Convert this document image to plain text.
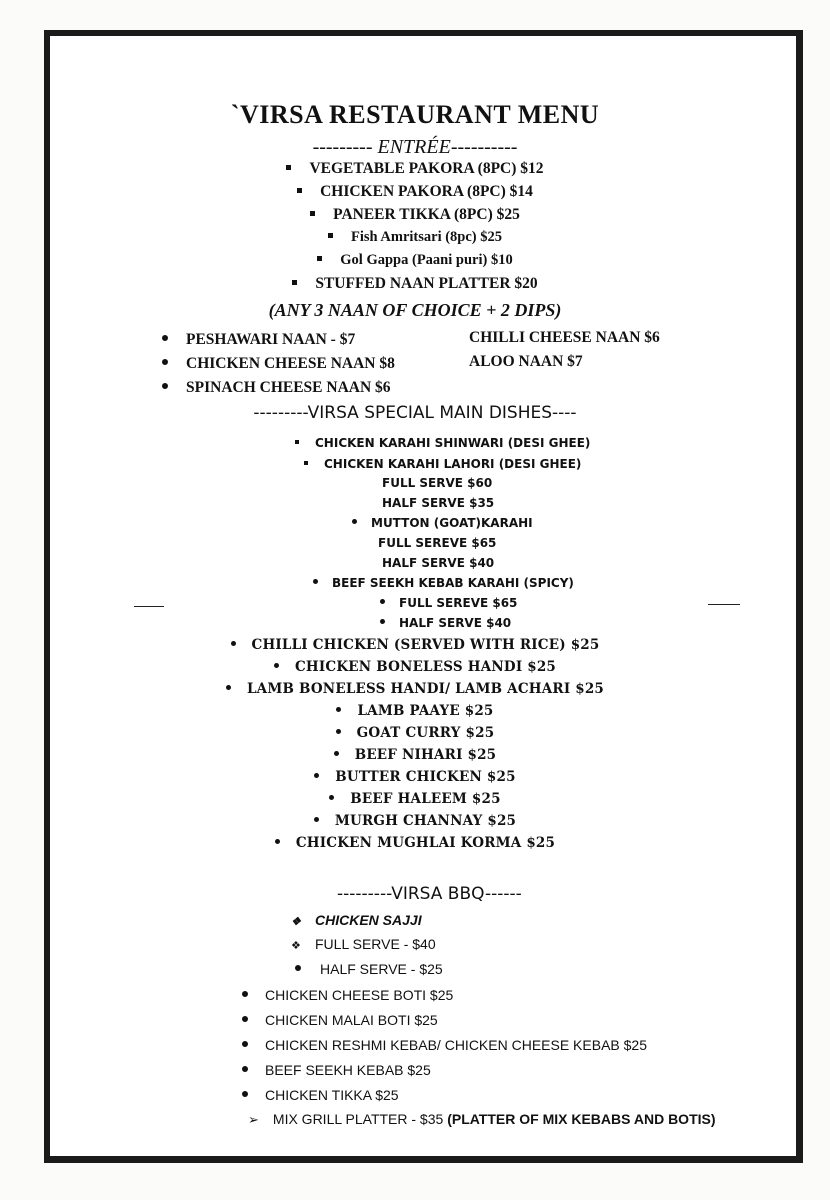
`VIRSA RESTAURANT MENU
--------- ENTRÉE----------
VEGETABLE PAKORA (8PC) $12
CHICKEN PAKORA (8PC) $14
PANEER TIKKA (8PC) $25
Fish Amritsari (8pc) $25
Gol Gappa (Paani puri) $10
STUFFED NAAN PLATTER $20
(ANY 3 NAAN OF CHOICE + 2 DIPS)
PESHAWARI NAAN - $7
CHICKEN CHEESE NAAN $8
SPINACH CHEESE NAAN $6
CHILLI CHEESE NAAN $6
ALOO NAAN $7
---------VIRSA SPECIAL MAIN DISHES----
CHICKEN KARAHI SHINWARI (DESI GHEE)
CHICKEN KARAHI LAHORI (DESI GHEE)
FULL SERVE $60
HALF SERVE $35
MUTTON (GOAT)KARAHI
FULL SEREVE $65
HALF SERVE $40
BEEF SEEKH KEBAB KARAHI (SPICY)
FULL SEREVE $65
HALF SERVE $40
CHILLI CHICKEN (SERVED WITH RICE) $25
CHICKEN BONELESS HANDI $25
LAMB BONELESS HANDI/ LAMB ACHARI $25
LAMB PAAYE $25
GOAT CURRY $25
BEEF NIHARI $25
BUTTER CHICKEN $25
BEEF HALEEM $25
MURGH CHANNAY $25
CHICKEN MUGHLAI KORMA $25
---------VIRSA BBQ------
❖ CHICKEN SAJJI
❖ FULL SERVE - $40
HALF SERVE - $25
CHICKEN CHEESE BOTI $25
CHICKEN MALAI BOTI $25
CHICKEN RESHMI KEBAB/ CHICKEN CHEESE KEBAB $25
BEEF SEEKH KEBAB $25
CHICKEN TIKKA $25
➢ MIX GRILL PLATTER - $35 (PLATTER OF MIX KEBABS AND BOTIS)
